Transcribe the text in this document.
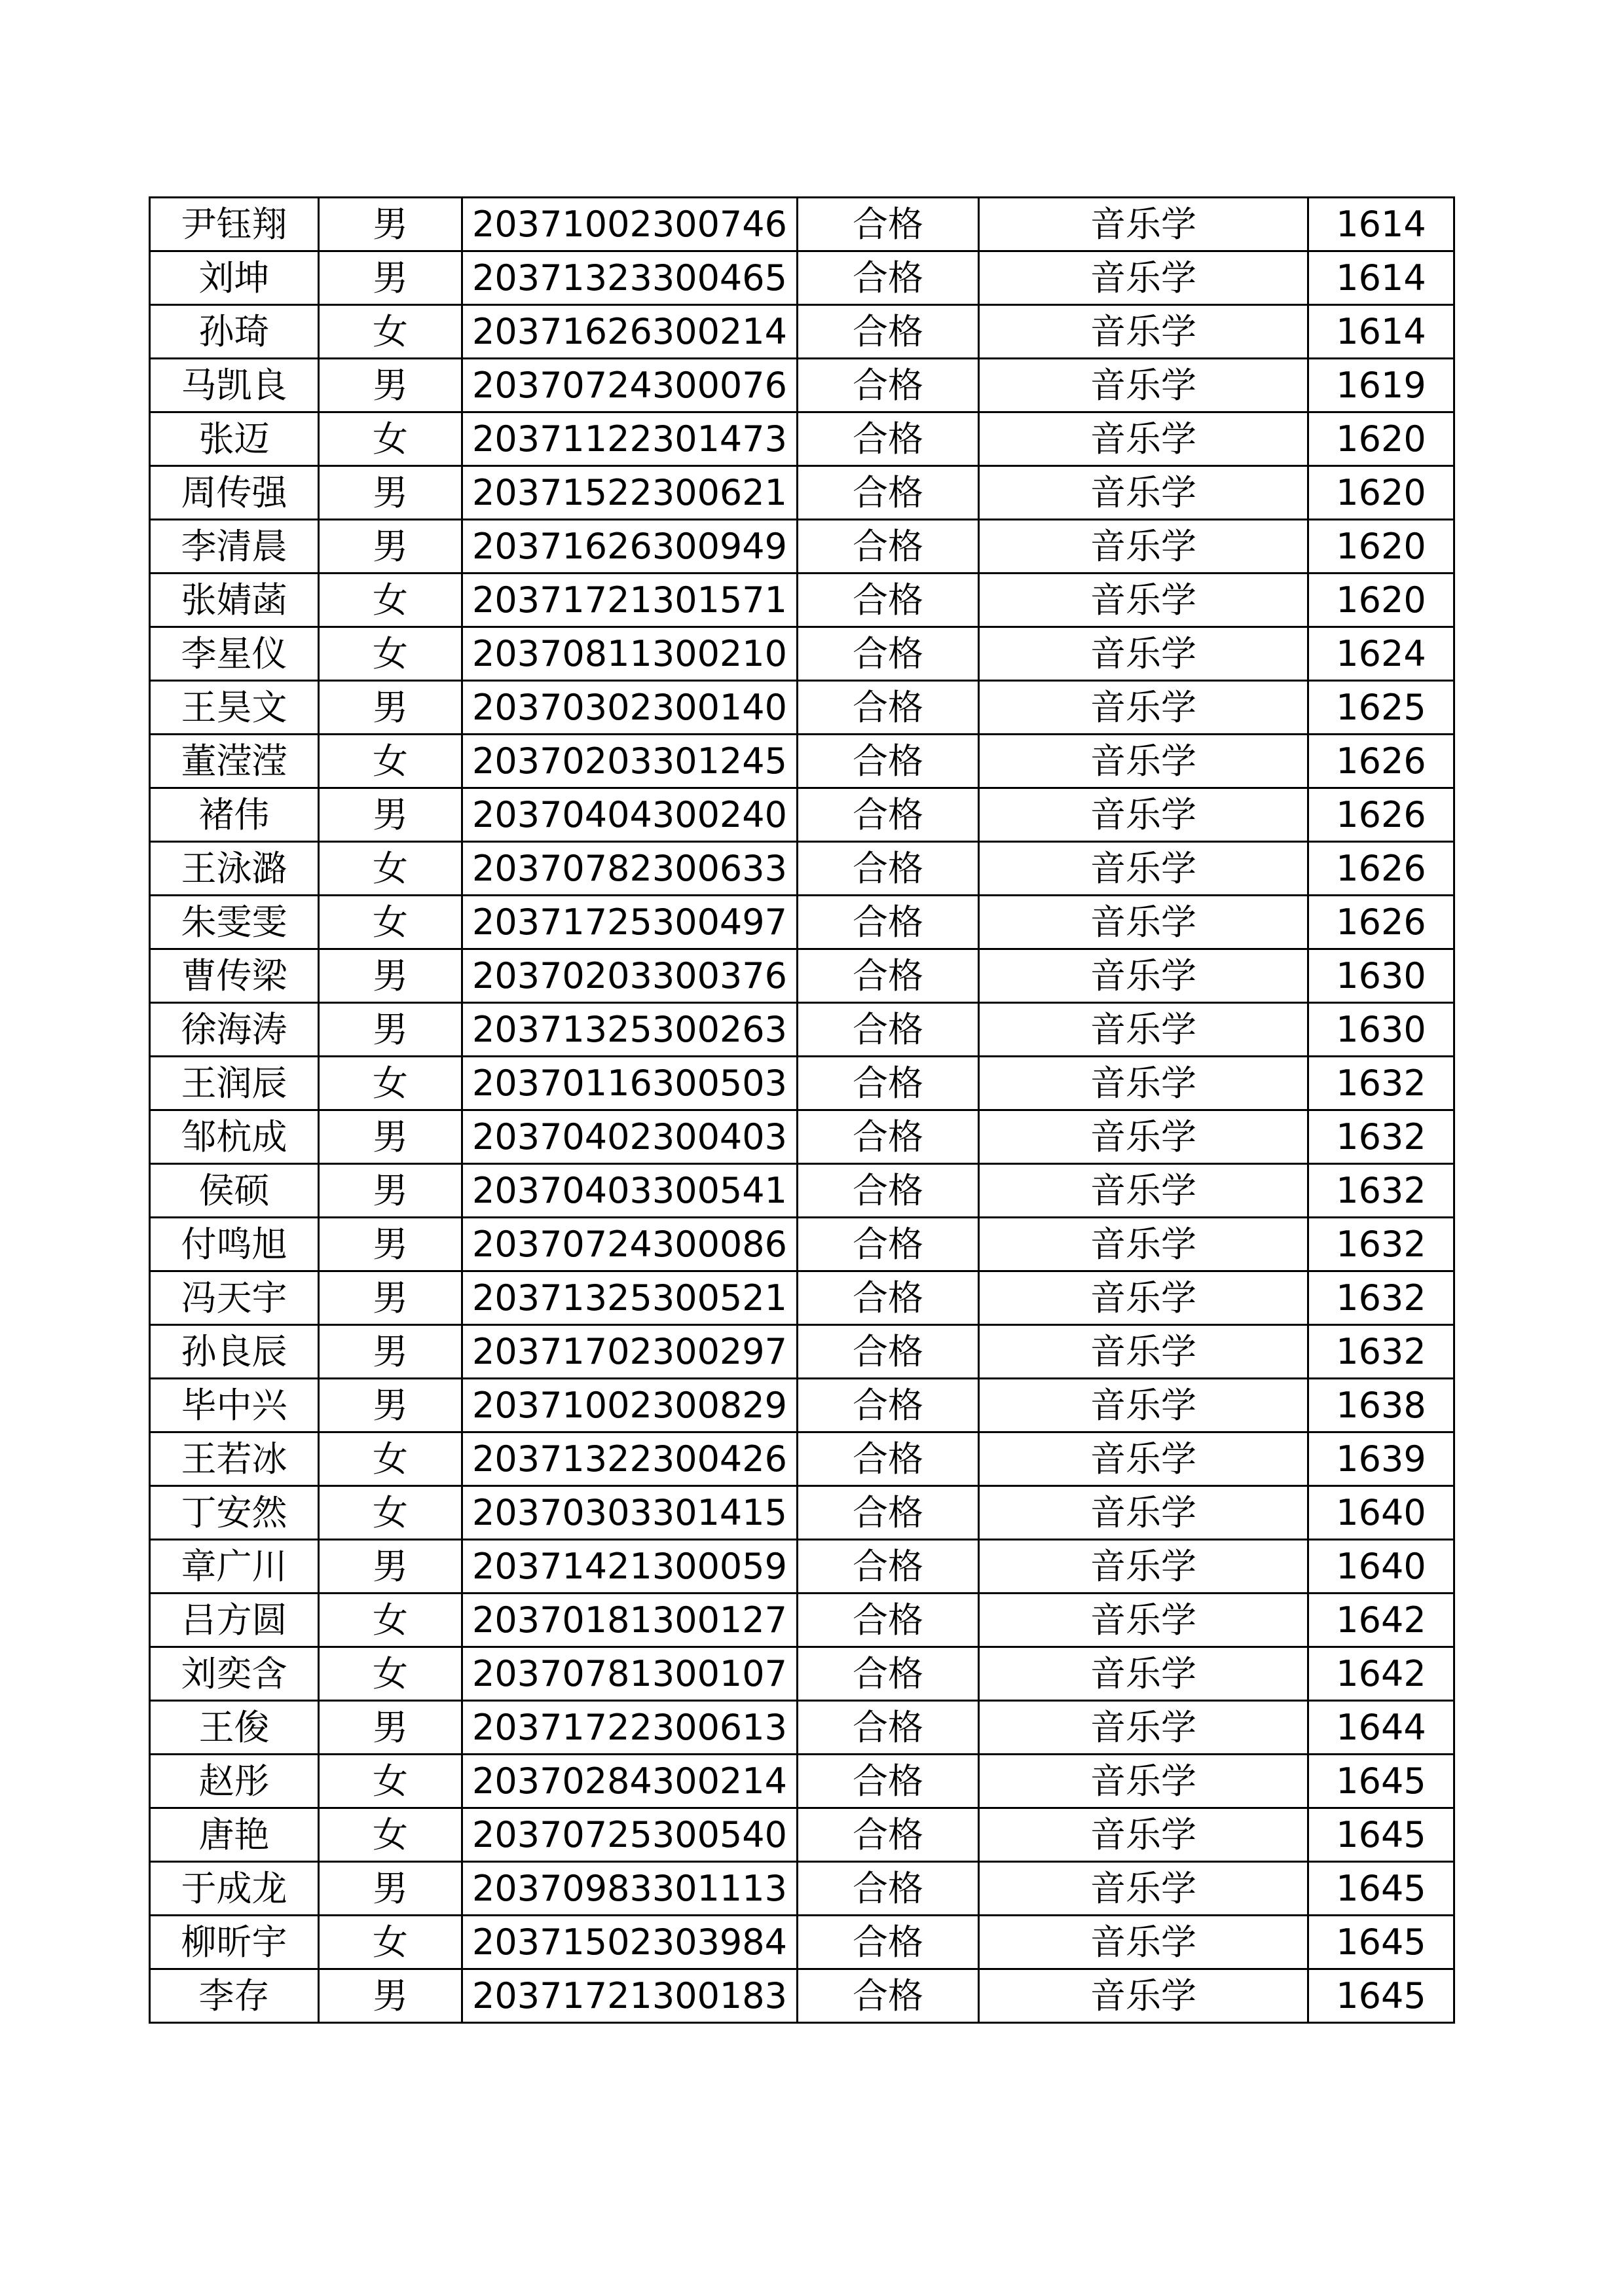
尹钰翔	男	20371002300746	合格	音乐学	1614
刘坤	男	20371323300465	合格	音乐学	1614
孙琦	女	20371626300214	合格	音乐学	1614
马凯良	男	20370724300076	合格	音乐学	1619
张迈	女	20371122301473	合格	音乐学	1620
周传强	男	20371522300621	合格	音乐学	1620
李清晨	男	20371626300949	合格	音乐学	1620
张婧菡	女	20371721301571	合格	音乐学	1620
李星仪	女	20370811300210	合格	音乐学	1624
王昊文	男	20370302300140	合格	音乐学	1625
董滢滢	女	20370203301245	合格	音乐学	1626
褚伟	男	20370404300240	合格	音乐学	1626
王泳潞	女	20370782300633	合格	音乐学	1626
朱雯雯	女	20371725300497	合格	音乐学	1626
曹传梁	男	20370203300376	合格	音乐学	1630
徐海涛	男	20371325300263	合格	音乐学	1630
王润辰	女	20370116300503	合格	音乐学	1632
邹杭成	男	20370402300403	合格	音乐学	1632
侯硕	男	20370403300541	合格	音乐学	1632
付鸣旭	男	20370724300086	合格	音乐学	1632
冯天宇	男	20371325300521	合格	音乐学	1632
孙良辰	男	20371702300297	合格	音乐学	1632
毕中兴	男	20371002300829	合格	音乐学	1638
王若冰	女	20371322300426	合格	音乐学	1639
丁安然	女	20370303301415	合格	音乐学	1640
章广川	男	20371421300059	合格	音乐学	1640
吕方圆	女	20370181300127	合格	音乐学	1642
刘奕含	女	20370781300107	合格	音乐学	1642
王俊	男	20371722300613	合格	音乐学	1644
赵彤	女	20370284300214	合格	音乐学	1645
唐艳	女	20370725300540	合格	音乐学	1645
于成龙	男	20370983301113	合格	音乐学	1645
柳昕宇	女	20371502303984	合格	音乐学	1645
李存	男	20371721300183	合格	音乐学	1645
